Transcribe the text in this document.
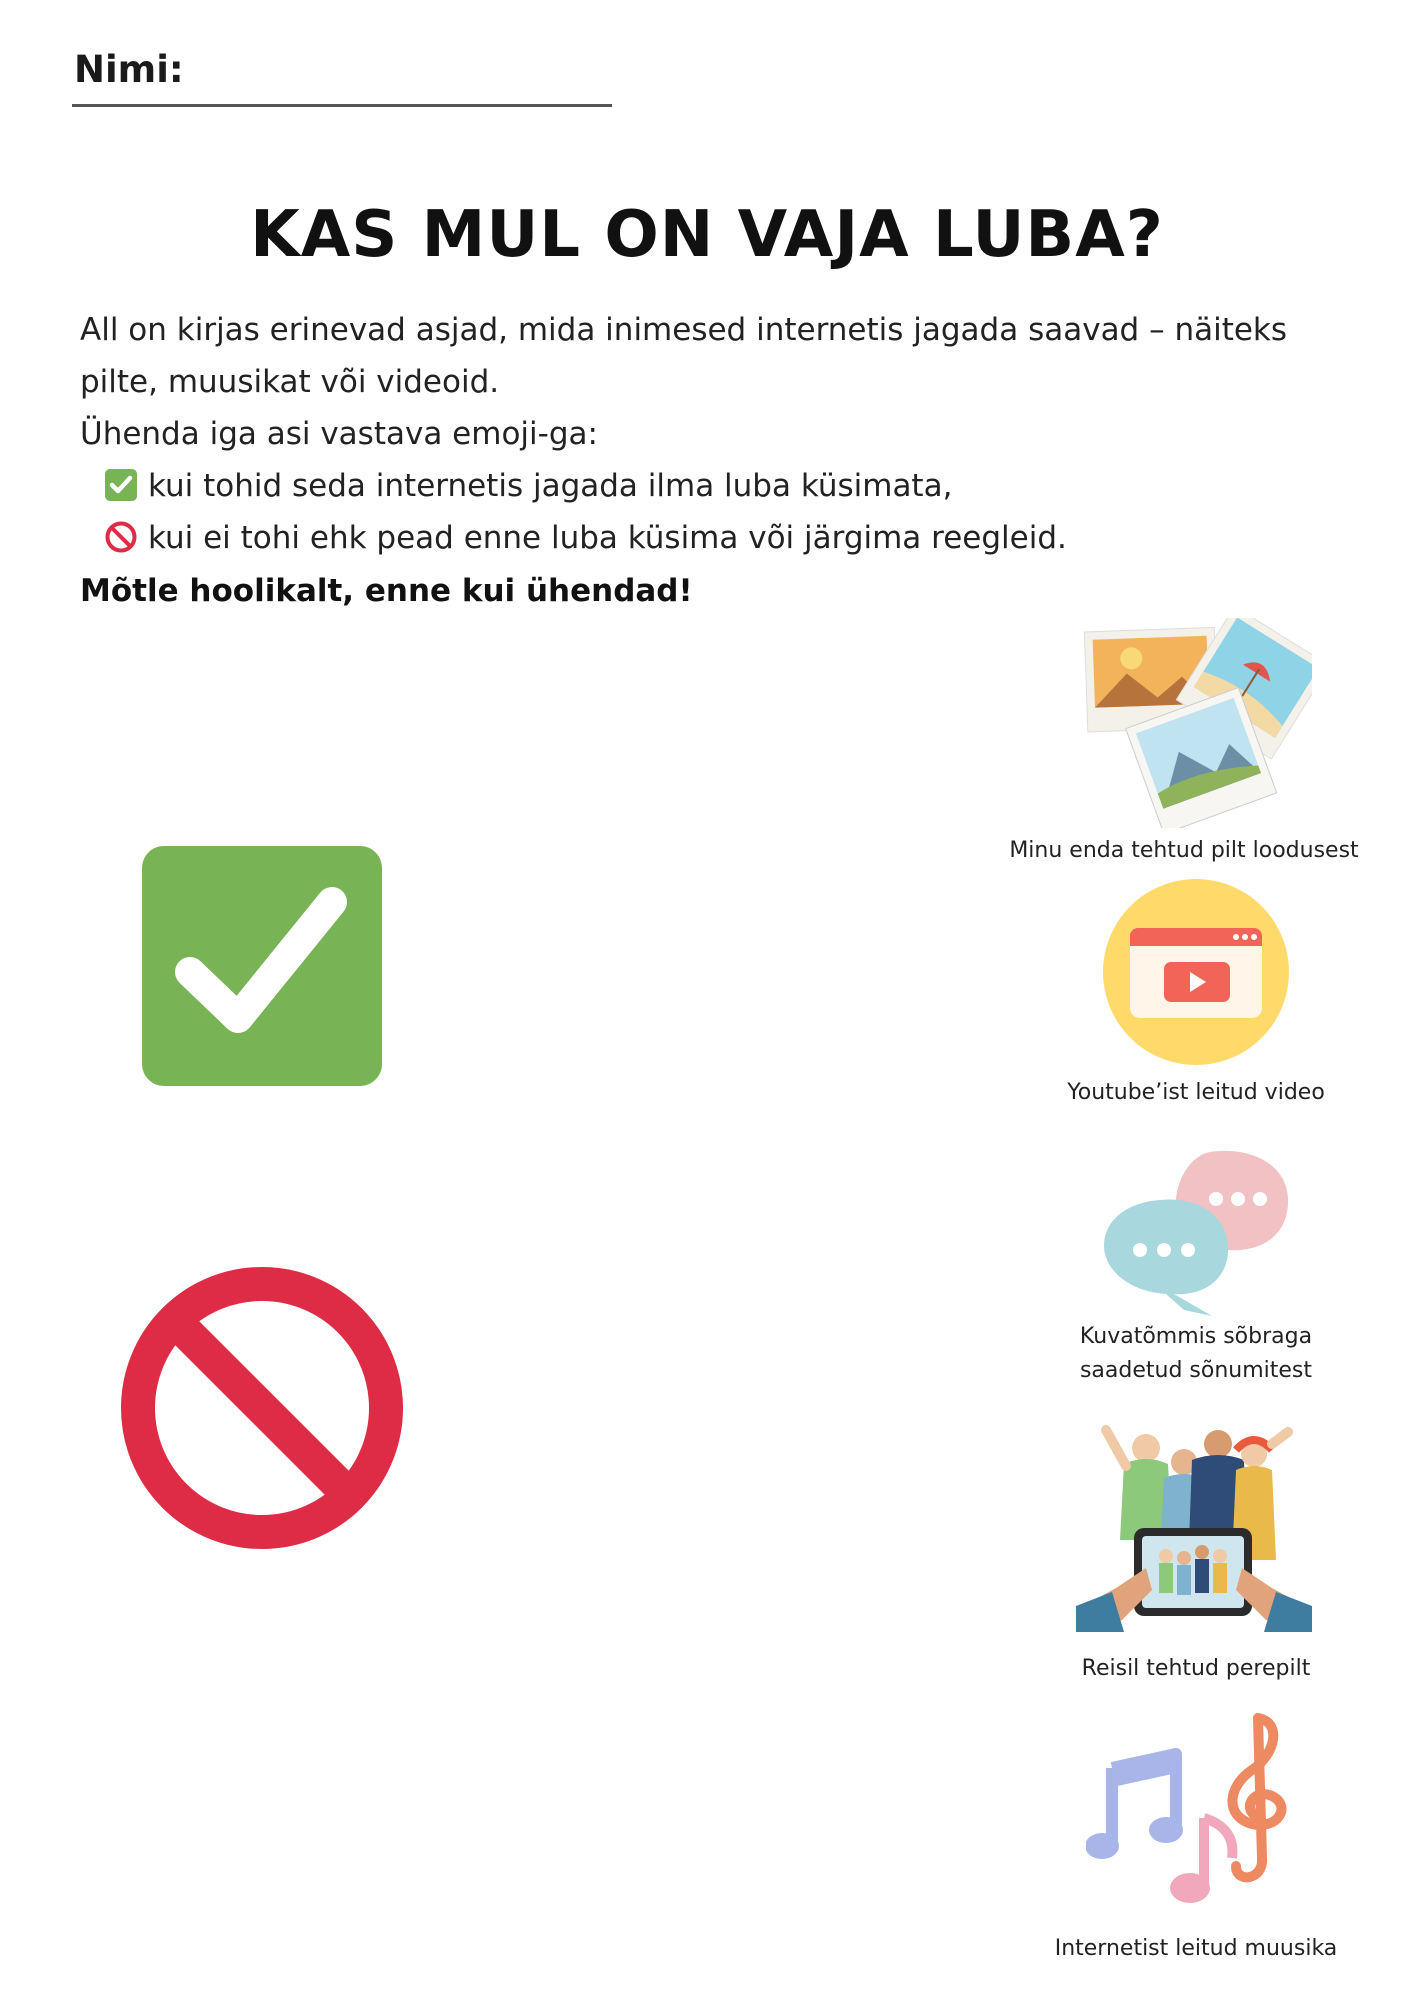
Nimi:
KAS MUL ON VAJA LUBA?
All on kirjas erinevad asjad, mida inimesed internetis jagada saavad – näiteks
pilte, muusikat või videoid.
Ühenda iga asi vastava emoji-ga:
kui tohid seda internetis jagada ilma luba küsimata,
kui ei tohi ehk pead enne luba küsima või järgima reegleid.
Mõtle hoolikalt, enne kui ühendad!
Minu enda tehtud pilt loodusest
Youtube’ist leitud video
Kuvatõmmis sõbraga
saadetud sõnumitest
Reisil tehtud perepilt
Internetist leitud muusika
